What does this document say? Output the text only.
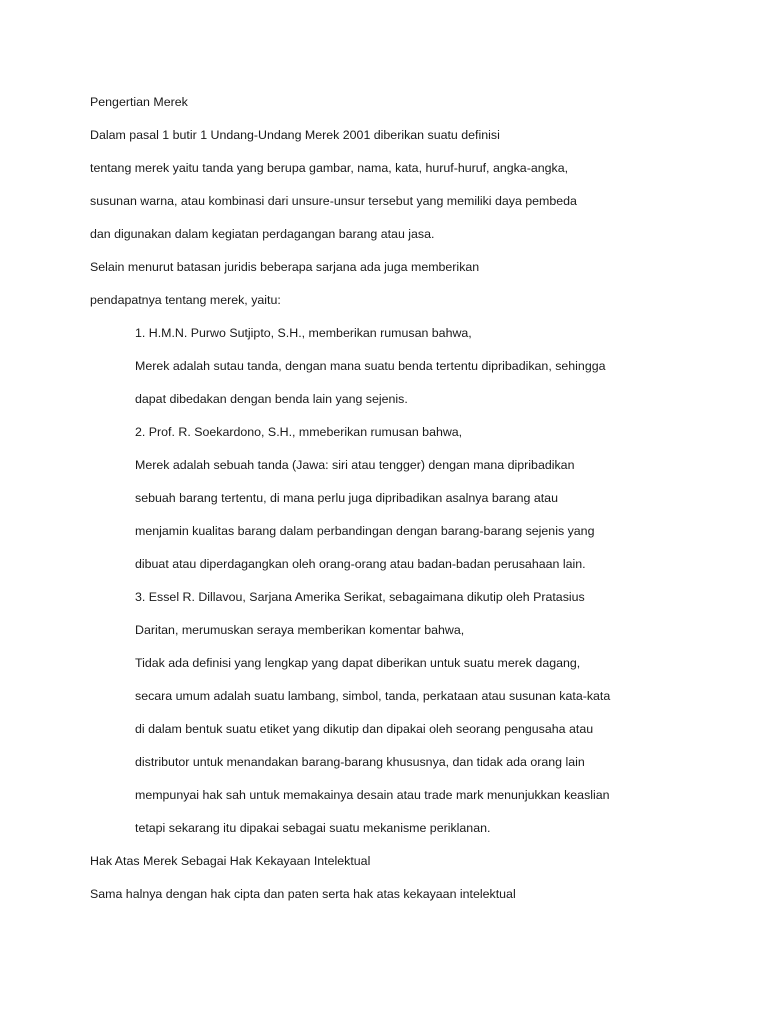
Pengertian Merek
Dalam pasal 1 butir 1 Undang-Undang Merek 2001 diberikan suatu definisi
tentang merek yaitu tanda yang berupa gambar, nama, kata, huruf-huruf, angka-angka,
susunan warna, atau kombinasi dari unsure-unsur tersebut yang memiliki daya pembeda
dan digunakan dalam kegiatan perdagangan barang atau jasa.
Selain menurut batasan juridis beberapa sarjana ada juga memberikan
pendapatnya tentang merek, yaitu:
1. H.M.N. Purwo Sutjipto, S.H., memberikan rumusan bahwa,
Merek adalah sutau tanda, dengan mana suatu benda tertentu dipribadikan, sehingga
dapat dibedakan dengan benda lain yang sejenis.
2. Prof. R. Soekardono, S.H., mmeberikan rumusan bahwa,
Merek adalah sebuah tanda (Jawa: siri atau tengger) dengan mana dipribadikan
sebuah barang tertentu, di mana perlu juga dipribadikan asalnya barang atau
menjamin kualitas barang dalam perbandingan dengan barang-barang sejenis yang
dibuat atau diperdagangkan oleh orang-orang atau badan-badan perusahaan lain.
3. Essel R. Dillavou, Sarjana Amerika Serikat, sebagaimana dikutip oleh Pratasius
Daritan, merumuskan seraya memberikan komentar bahwa,
Tidak ada definisi yang lengkap yang dapat diberikan untuk suatu merek dagang,
secara umum adalah suatu lambang, simbol, tanda, perkataan atau susunan kata-kata
di dalam bentuk suatu etiket yang dikutip dan dipakai oleh seorang pengusaha atau
distributor untuk menandakan barang-barang khususnya, dan tidak ada orang lain
mempunyai hak sah untuk memakainya desain atau trade mark menunjukkan keaslian
tetapi sekarang itu dipakai sebagai suatu mekanisme periklanan.
Hak Atas Merek Sebagai Hak Kekayaan Intelektual
Sama halnya dengan hak cipta dan paten serta hak atas kekayaan intelektual
